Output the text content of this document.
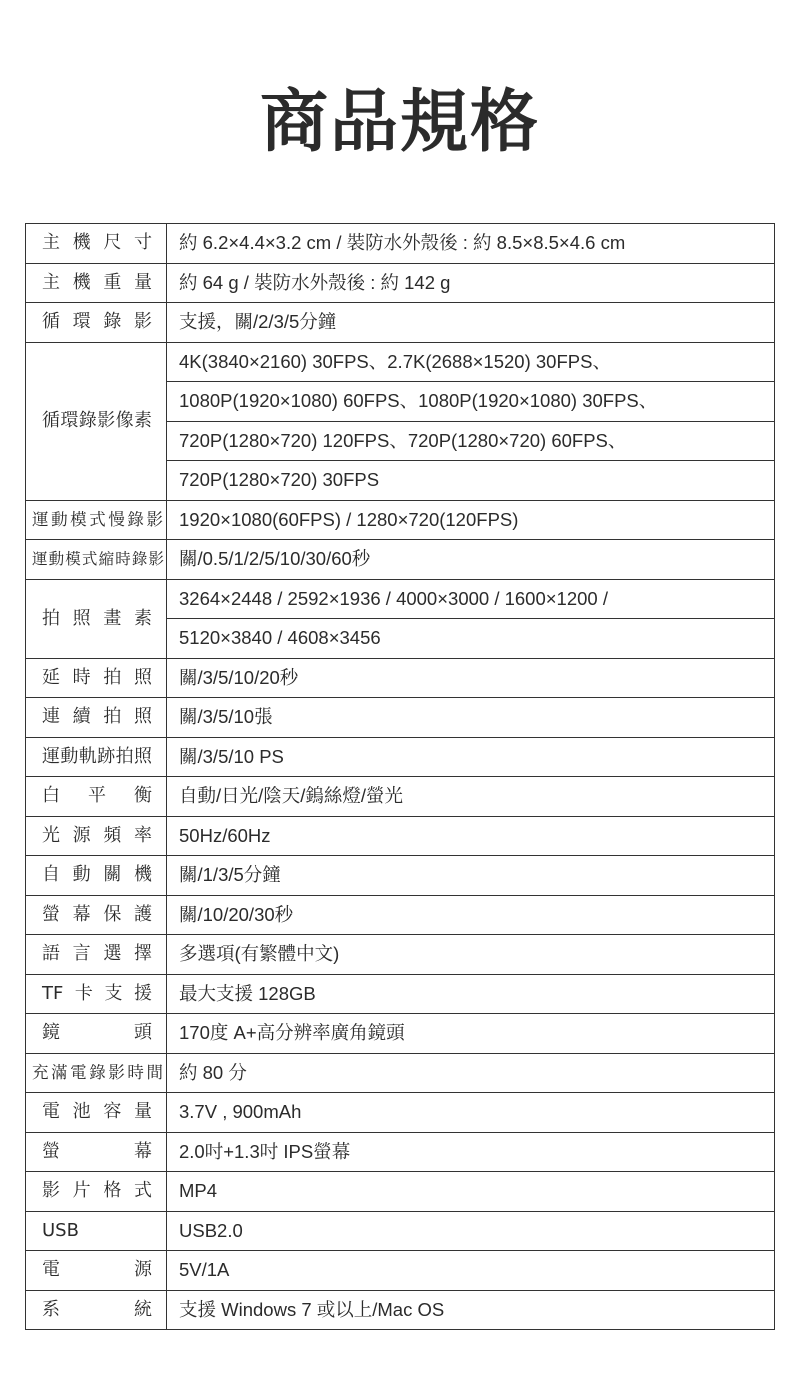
商品規格
主機尺寸	約 6.2×4.4×3.2 cm / 裝防水外殼後 : 約 8.5×8.5×4.6 cm
主機重量	約 64 g / 裝防水外殼後 : 約 142 g
循環錄影	支援，關/2/3/5分鐘
循環錄影像素	4K(3840×2160) 30FPS、2.7K(2688×1520) 30FPS、
	1080P(1920×1080) 60FPS、1080P(1920×1080) 30FPS、
	720P(1280×720) 120FPS、720P(1280×720) 60FPS、
	720P(1280×720) 30FPS
運動模式慢錄影	1920×1080(60FPS) / 1280×720(120FPS)
運動模式縮時錄影	關/0.5/1/2/5/10/30/60秒
拍照畫素	3264×2448 / 2592×1936 / 4000×3000 / 1600×1200 /
	5120×3840 / 4608×3456
延時拍照	關/3/5/10/20秒
連續拍照	關/3/5/10張
運動軌跡拍照	關/3/5/10 PS
白平衡	自動/日光/陰天/鎢絲燈/螢光
光源頻率	50Hz/60Hz
自動關機	關/1/3/5分鐘
螢幕保護	關/10/20/30秒
語言選擇	多選項(有繁體中文)
TF卡支援	最大支援 128GB
鏡頭	170度 A+高分辨率廣角鏡頭
充滿電錄影時間	約 80 分
電池容量	3.7V , 900mAh
螢幕	2.0吋+1.3吋 IPS螢幕
影片格式	MP4
USB	USB2.0
電源	5V/1A
系統	支援 Windows 7 或以上/Mac OS
